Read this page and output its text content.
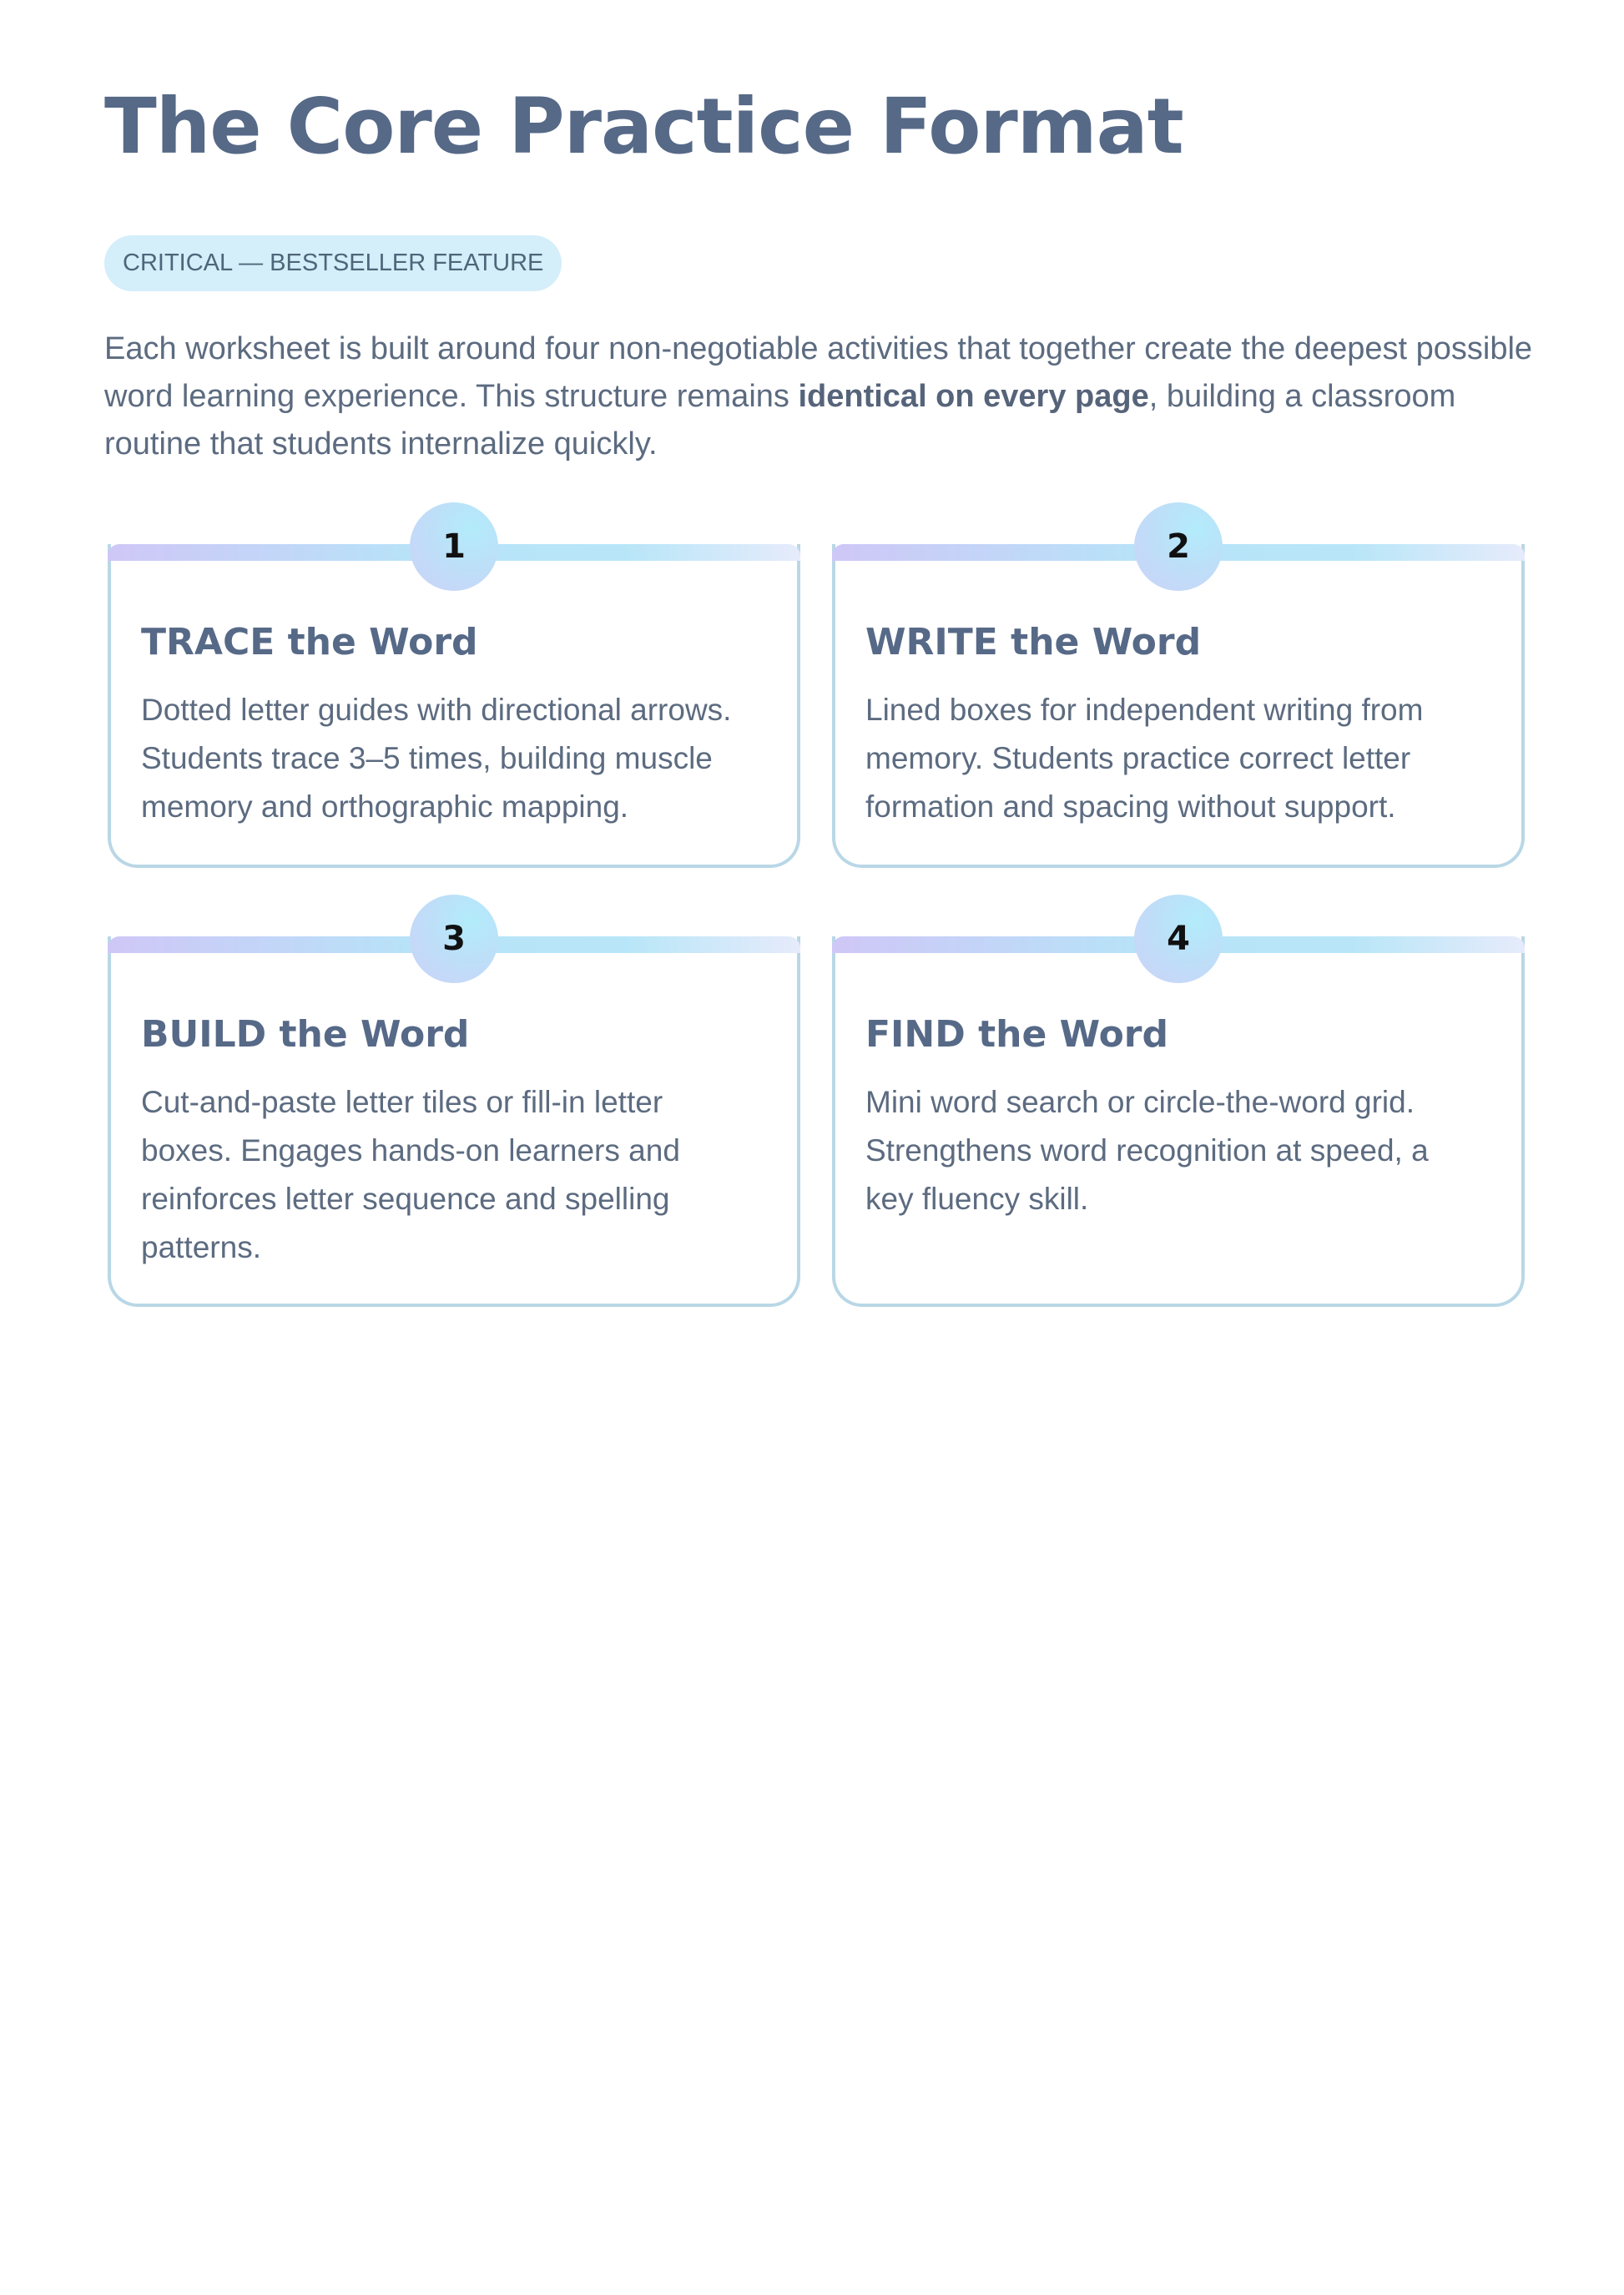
The Core Practice Format
CRITICAL — BESTSELLER FEATURE

Each worksheet is built around four non-negotiable activities that together create the deepest possible word learning experience. This structure remains identical on every page, building a classroom routine that students internalize quickly.

1
TRACE the Word

Dotted letter guides with directional arrows. Students trace 3–5 times, building muscle memory and orthographic mapping.

2
WRITE the Word

Lined boxes for independent writing from memory. Students practice correct letter formation and spacing without support.

3
BUILD the Word

Cut-and-paste letter tiles or fill-in letter boxes. Engages hands-on learners and reinforces letter sequence and spelling patterns.

4
FIND the Word

Mini word search or circle-the-word grid. Strengthens word recognition at speed, a key fluency skill.
